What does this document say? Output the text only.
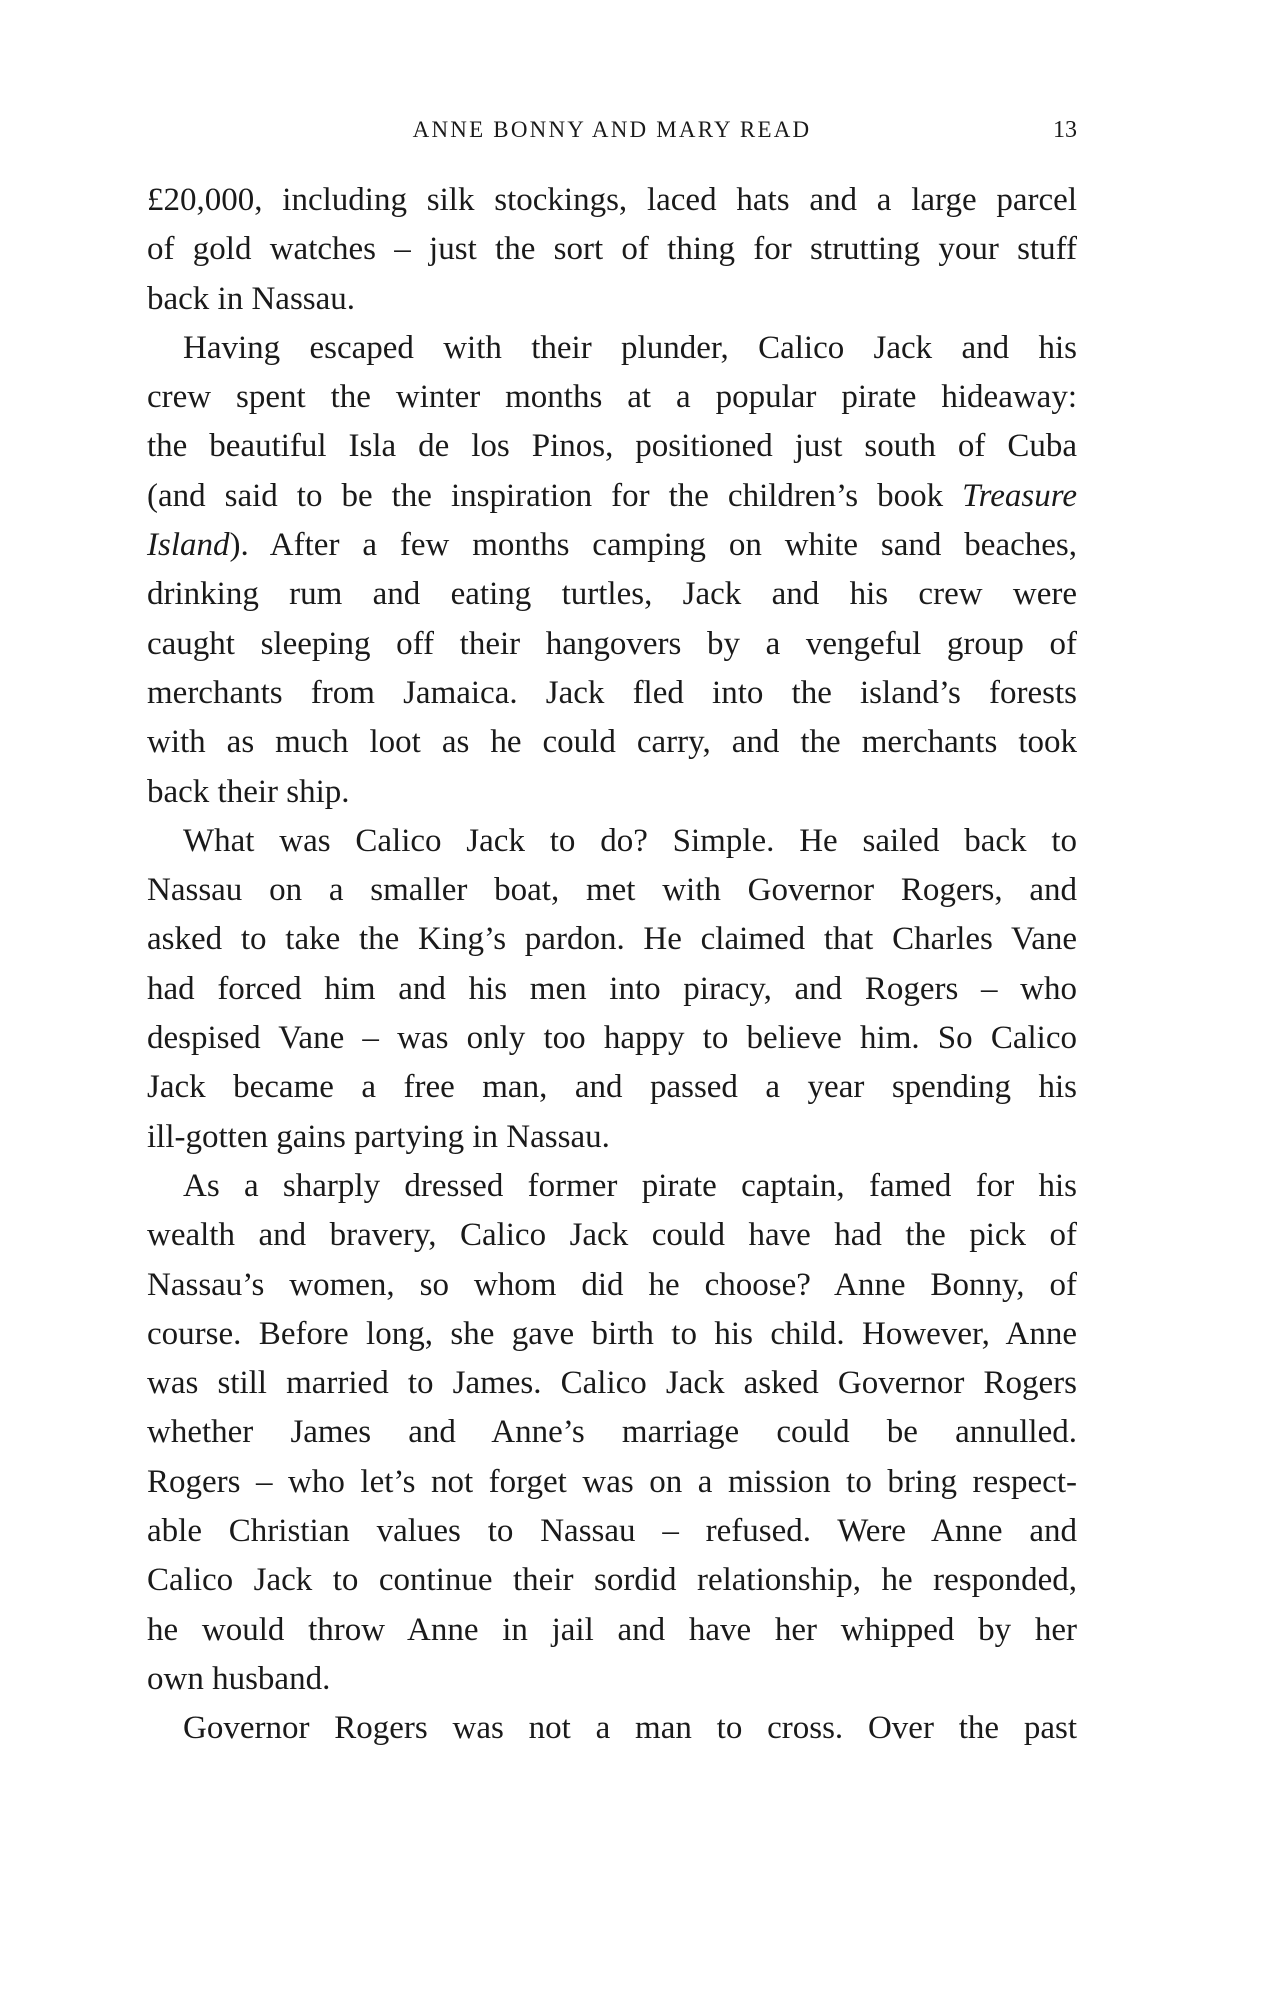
ANNE BONNY AND MARY READ	13
£20,000, including silk stockings, laced hats and a large parcel
of gold watches – just the sort of thing for strutting your stuff
back in Nassau.
Having escaped with their plunder, Calico Jack and his
crew spent the winter months at a popular pirate hideaway:
the beautiful Isla de los Pinos, positioned just south of Cuba
(and said to be the inspiration for the children’s book Treasure
Island). After a few months camping on white sand beaches,
drinking rum and eating turtles, Jack and his crew were
caught sleeping off their hangovers by a vengeful group of
merchants from Jamaica. Jack fled into the island’s forests
with as much loot as he could carry, and the merchants took
back their ship.
What was Calico Jack to do? Simple. He sailed back to
Nassau on a smaller boat, met with Governor Rogers, and
asked to take the King’s pardon. He claimed that Charles Vane
had forced him and his men into piracy, and Rogers – who
despised Vane – was only too happy to believe him. So Calico
Jack became a free man, and passed a year spending his
ill-gotten gains partying in Nassau.
As a sharply dressed former pirate captain, famed for his
wealth and bravery, Calico Jack could have had the pick of
Nassau’s women, so whom did he choose? Anne Bonny, of
course. Before long, she gave birth to his child. However, Anne
was still married to James. Calico Jack asked Governor Rogers
whether James and Anne’s marriage could be annulled.
Rogers – who let’s not forget was on a mission to bring respect-
able Christian values to Nassau – refused. Were Anne and
Calico Jack to continue their sordid relationship, he responded,
he would throw Anne in jail and have her whipped by her
own husband.
Governor Rogers was not a man to cross. Over the past
